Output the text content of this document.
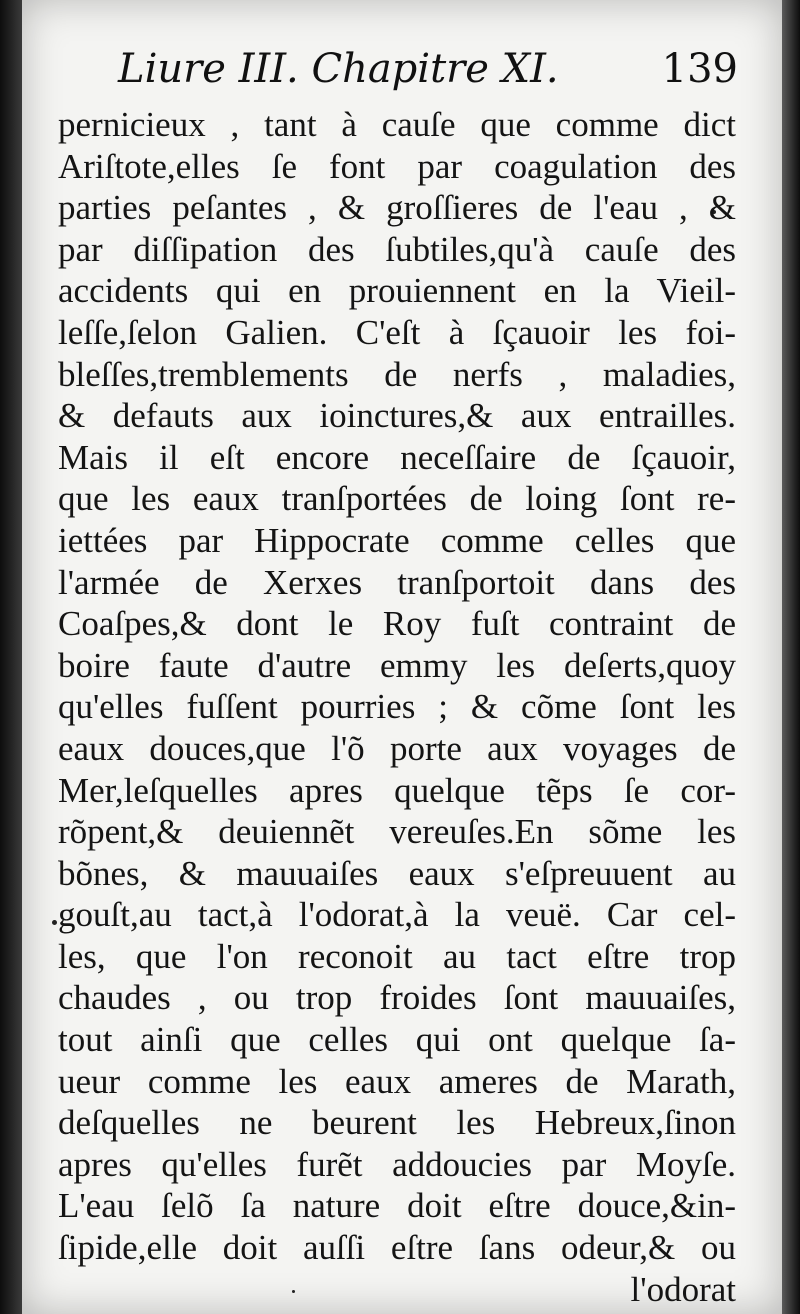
Liure III. Chapitre XI.	139
pernicieux , tant à cauſe que comme dict
Ariſtote,elles ſe font par coagulation des
parties peſantes , & groſſieres de l'eau , &
par diſſipation des ſubtiles,qu'à cauſe des
accidents qui en prouiennent en la Vieil-
leſſe,ſelon Galien. C'eſt à ſçauoir les foi-
bleſſes,tremblements de nerfs , maladies,
& defauts aux ioinctures,& aux entrailles.
Mais il eſt encore neceſſaire de ſçauoir,
que les eaux tranſportées de loing ſont re-
iettées par Hippocrate comme celles que
l'armée de Xerxes tranſportoit dans des
Coaſpes,& dont le Roy fuſt contraint de
boire faute d'autre emmy les deſerts,quoy
qu'elles fuſſent pourries ; & cõme ſont les
eaux douces,que l'õ porte aux voyages de
Mer,leſquelles apres quelque tẽps ſe cor-
rõpent,& deuiennẽt vereuſes.En sõme les
bõnes, & mauuaiſes eaux s'eſpreuuent au
gouſt,au tact,à l'odorat,à la veuë. Car cel-
les, que l'on reconoit au tact eſtre trop
chaudes , ou trop froides ſont mauuaiſes,
tout ainſi que celles qui ont quelque ſa-
ueur comme les eaux ameres de Marath,
deſquelles ne beurent les Hebreux,ſinon
apres qu'elles furẽt addoucies par Moyſe.
L'eau ſelõ ſa nature doit eſtre douce,&in-
ſipide,elle doit auſſi eſtre ſans odeur,& ou
l'odorat
